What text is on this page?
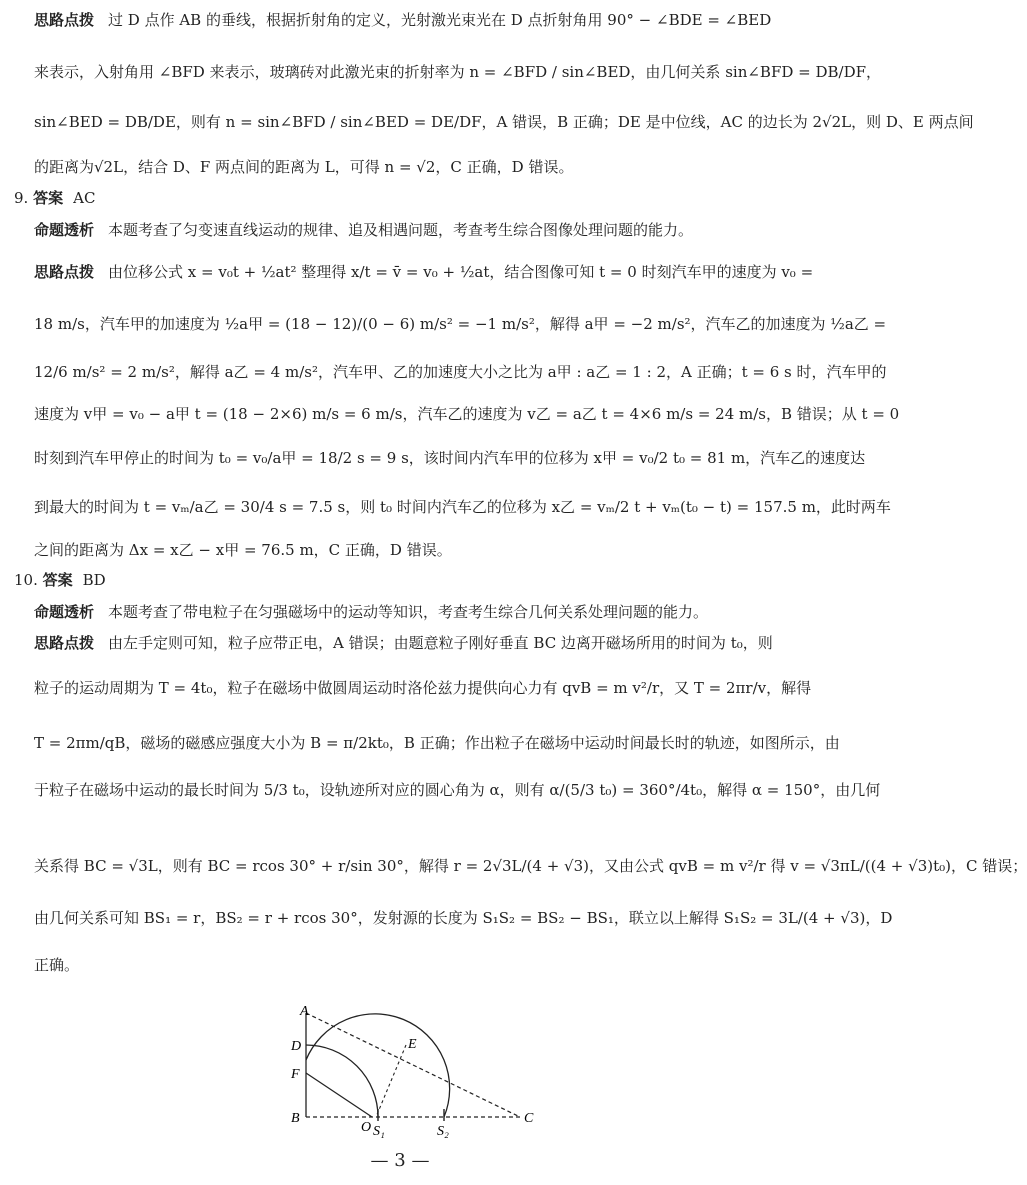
思路点拨 过 D 点作 AB 的垂线，根据折射角的定义，光射激光束光在 D 点折射角用 90° − ∠BDE = ∠BED
来表示，入射角用 ∠BFD 来表示，玻璃砖对此激光束的折射率为 n = ∠BFD / sin∠BED，由几何关系 sin∠BFD = DB/DF，
sin∠BED = DB/DE，则有 n = sin∠BFD / sin∠BED = DE/DF，A 错误，B 正确；DE 是中位线，AC 的边长为 2√2L，则 D、E 两点间
的距离为√2L，结合 D、F 两点间的距离为 L，可得 n = √2，C 正确，D 错误。
9. 答案 AC
命题透析 本题考查了匀变速直线运动的规律、追及相遇问题，考查考生综合图像处理问题的能力。
思路点拨 由位移公式 x = v₀t + ½at² 整理得 x/t = v̄ = v₀ + ½at，结合图像可知 t = 0 时刻汽车甲的速度为 v₀ =
18 m/s，汽车甲的加速度为 ½a甲 = (18 − 12)/(0 − 6) m/s² = −1 m/s²，解得 a甲 = −2 m/s²，汽车乙的加速度为 ½a乙 =
12/6 m/s² = 2 m/s²，解得 a乙 = 4 m/s²，汽车甲、乙的加速度大小之比为 a甲 : a乙 = 1 : 2，A 正确；t = 6 s 时，汽车甲的
速度为 v甲 = v₀ − a甲 t = (18 − 2×6) m/s = 6 m/s，汽车乙的速度为 v乙 = a乙 t = 4×6 m/s = 24 m/s，B 错误；从 t = 0
时刻到汽车甲停止的时间为 t₀ = v₀/a甲 = 18/2 s = 9 s，该时间内汽车甲的位移为 x甲 = v₀/2 t₀ = 81 m，汽车乙的速度达
到最大的时间为 t = vₘ/a乙 = 30/4 s = 7.5 s，则 t₀ 时间内汽车乙的位移为 x乙 = vₘ/2 t + vₘ(t₀ − t) = 157.5 m，此时两车
之间的距离为 Δx = x乙 − x甲 = 76.5 m，C 正确，D 错误。
10. 答案 BD
命题透析 本题考查了带电粒子在匀强磁场中的运动等知识，考查考生综合几何关系处理问题的能力。
思路点拨 由左手定则可知，粒子应带正电，A 错误；由题意粒子刚好垂直 BC 边离开磁场所用的时间为 t₀，则
粒子的运动周期为 T = 4t₀，粒子在磁场中做圆周运动时洛伦兹力提供向心力有 qvB = m v²/r，又 T = 2πr/v，解得
T = 2πm/qB，磁场的磁感应强度大小为 B = π/2kt₀，B 正确；作出粒子在磁场中运动时间最长时的轨迹，如图所示，由
于粒子在磁场中运动的最长时间为 5/3 t₀，设轨迹所对应的圆心角为 α，则有 α/(5/3 t₀) = 360°/4t₀，解得 α = 150°，由几何
关系得 BC = √3L，则有 BC = rcos 30° + r/sin 30°，解得 r = 2√3L/(4 + √3)，又由公式 qvB = m v²/r 得 v = √3πL/((4 + √3)t₀)，C 错误；
由几何关系可知 BS₁ = r，BS₂ = r + rcos 30°，发射源的长度为 S₁S₂ = BS₂ − BS₁，联立以上解得 S₁S₂ = 3L/(4 + √3)，D
正确。
A
D	E
F
B
O S₁	S₂
C
— 3 —
